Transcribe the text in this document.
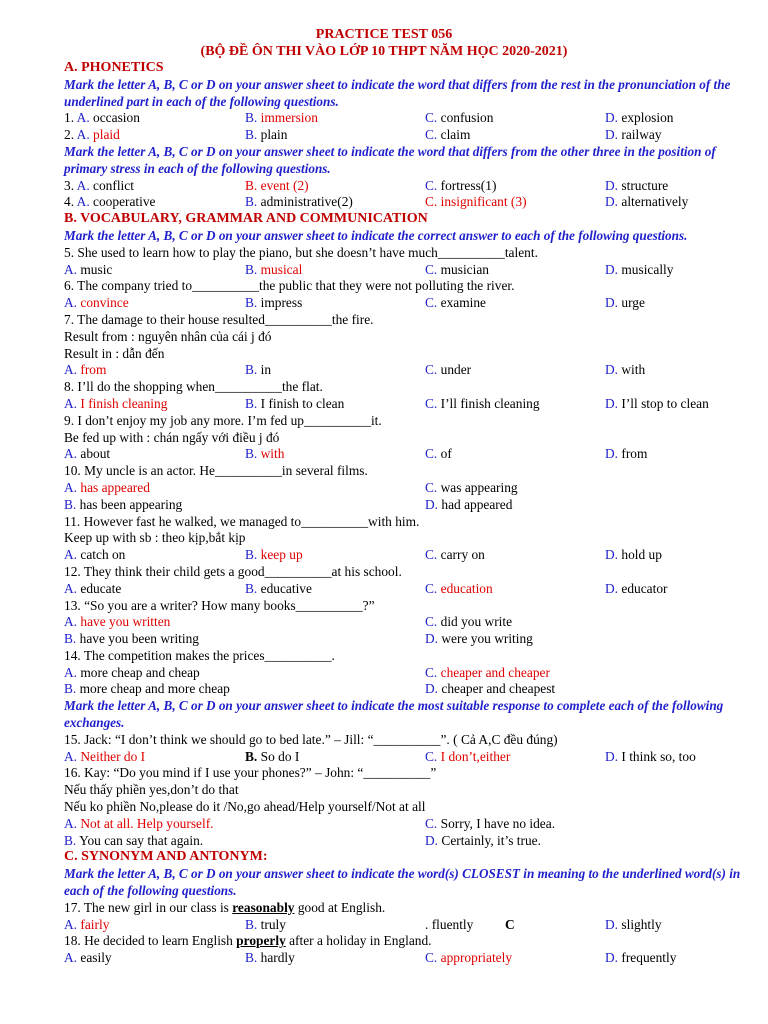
PRACTICE TEST 056
(BỘ ĐỀ ÔN THI VÀO LỚP 10 THPT NĂM HỌC 2020-2021)
A. PHONETICS
Mark the letter A, B, C or D on your answer sheet to indicate the word that differs from the rest in the pronunciation of the underlined part in each of the following questions.
1. A. occasion	B. immersion	C. confusion	D. explosion
2. A. plaid	B. plain	C. claim	D. railway
Mark the letter A, B, C or D on your answer sheet to indicate the word that differs from the other three in the position of primary stress in each of the following questions.
3. A. conflict	B. event (2)	C. fortress(1)	D. structure
4. A. cooperative	B. administrative(2)	C. insignificant (3)	D. alternatively
B. VOCABULARY, GRAMMAR AND COMMUNICATION
Mark the letter A, B, C or D on your answer sheet to indicate the correct answer to each of the following questions.
5. She used to learn how to play the piano, but she doesn’t have much__________talent.
A. music	B. musical	C. musician	D. musically
6. The company tried to__________the public that they were not polluting the river.
A. convince	B. impress	C. examine	D. urge
7. The damage to their house resulted__________the fire.
Result from : nguyên nhân của cái j đó
Result in : dẫn đến
A. from	B. in	C. under	D. with
8. I’ll do the shopping when__________the flat.
A. I finish cleaning	B. I finish to clean	C. I’ll finish cleaning	D. I’ll stop to clean
9. I don’t enjoy my job any more. I’m fed up__________it.
Be fed up with : chán ngấy với điều j đó
A. about	B. with	C. of	D. from
10. My uncle is an actor. He__________in several films.
A. has appeared	C. was appearing
B. has been appearing	D. had appeared
11. However fast he walked, we managed to__________with him.
Keep up with sb : theo kịp,bắt kịp
A. catch on	B. keep up	C. carry on	D. hold up
12. They think their child gets a good__________at his school.
A. educate	B. educative	C. education	D. educator
13. “So you are a writer? How many books__________?”
A. have you written	C. did you write
B. have you been writing	D. were you writing
14. The competition makes the prices__________.
A. more cheap and cheap	C. cheaper and cheaper
B. more cheap and more cheap	D. cheaper and cheapest
Mark the letter A, B, C or D on your answer sheet to indicate the most suitable response to complete each of the following exchanges.
15. Jack: “I don’t think we should go to bed late.” – Jill: “__________”. ( Cả A,C đều đúng)
A. Neither do I	B. So do I	C. I don’t,either	D. I think so, too
16. Kay: “Do you mind if I use your phones?” – John: “__________”
Nếu thấy phiền yes,don’t do that
Nếu ko phiền No,please do it /No,go ahead/Help yourself/Not at all
A. Not at all. Help yourself.	C. Sorry, I have no idea.
B. You can say that again.	D. Certainly, it’s true.
C. SYNONYM AND ANTONYM:
Mark the letter A, B, C or D on your answer sheet to indicate the word(s) CLOSEST in meaning to the underlined word(s) in each of the following questions.
17. The new girl in our class is reasonably good at English.
A. fairly	B. truly	. fluently C	D. slightly
18. He decided to learn English properly after a holiday in England.
A. easily	B. hardly	C. appropriately	D. frequently
